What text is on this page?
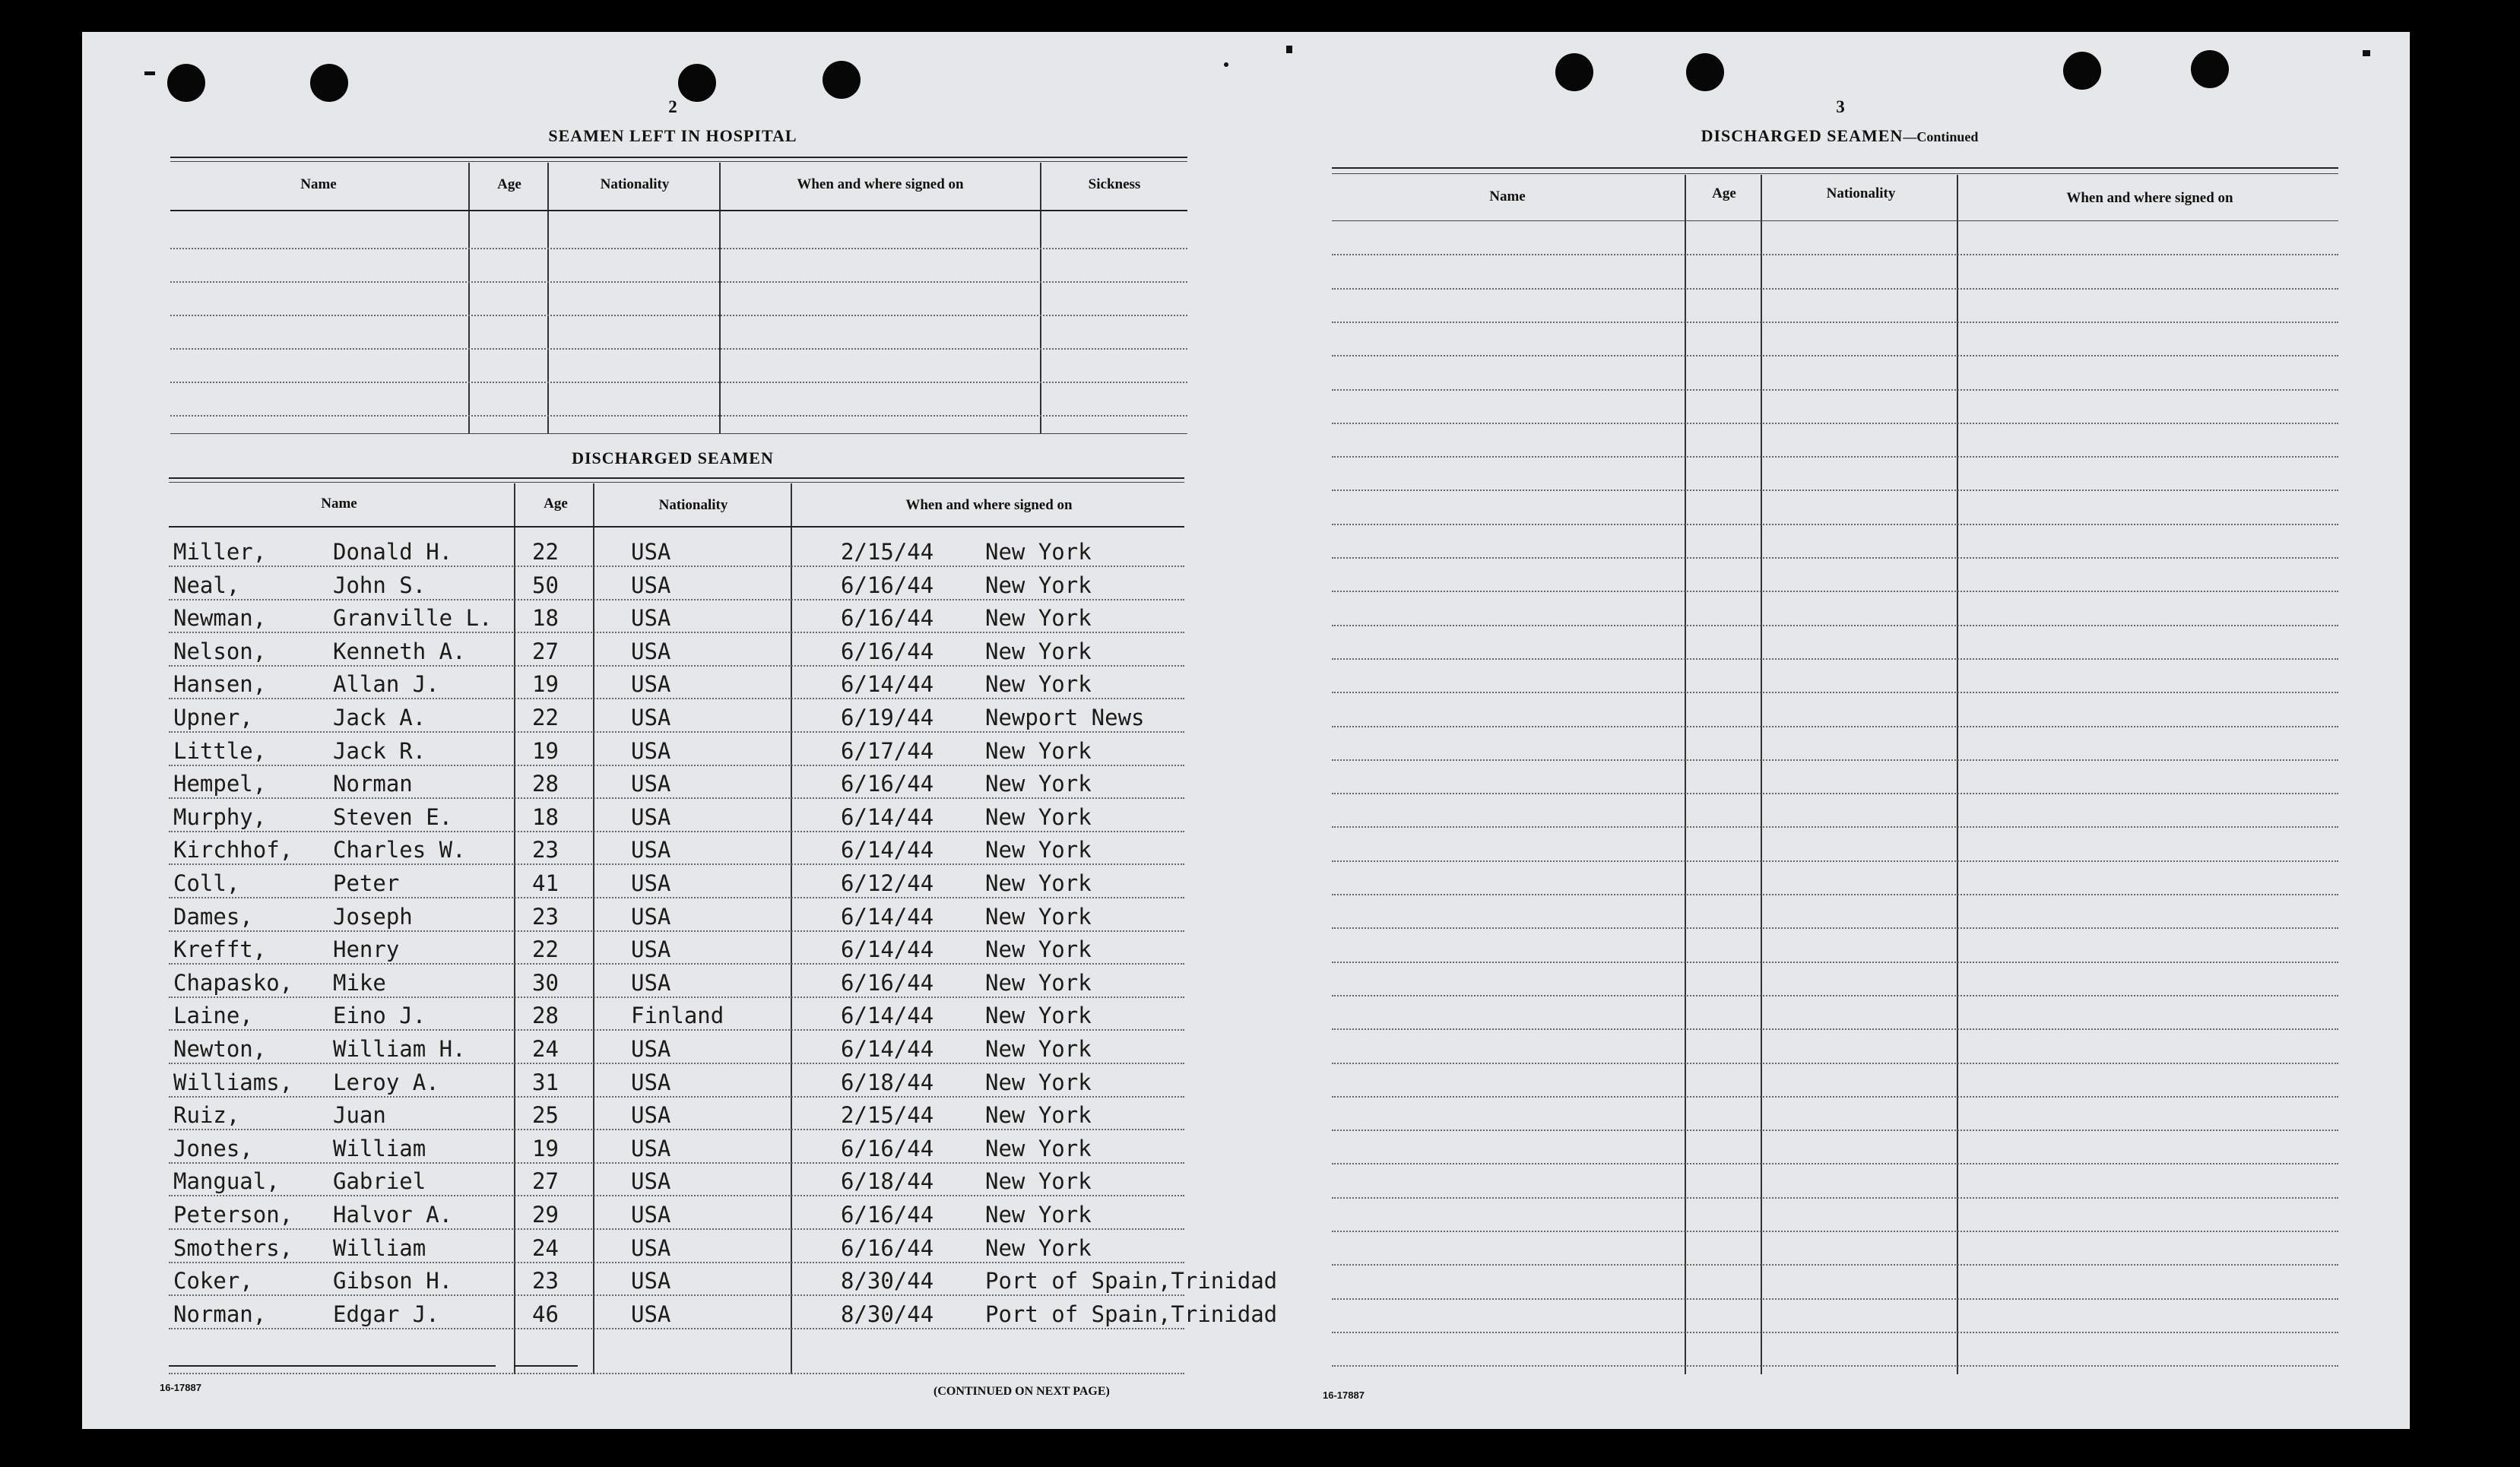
2
SEAMEN LEFT IN HOSPITAL
Name	Age	Nationality	When and where signed on	Sickness
DISCHARGED SEAMEN
Name	Age	Nationality	When and where signed on
Miller,	Donald H.	22	USA	2/15/44 New York
Neal,	John S.	50	USA	6/16/44 New York
Newman,	Granville L. 18	USA	6/16/44 New York
Nelson,	Kenneth A.	27	USA	6/16/44 New York
Hansen,	Allan J.	19	USA	6/14/44 New York
Upner,	Jack A.	22	USA	6/19/44 Newport News
Little,	Jack R.	19	USA	6/17/44 New York
Hempel,	Norman	28	USA	6/16/44 New York
Murphy,	Steven E.	18	USA	6/14/44 New York
Kirchhof, Charles W.	23	USA	6/14/44 New York
Coll,	Peter	41	USA	6/12/44 New York
Dames,	Joseph	23	USA	6/14/44 New York
Krefft,	Henry	22	USA	6/14/44 New York
Chapasko, Mike	30	USA	6/16/44 New York
Laine,	Eino J.	28	Finland	6/14/44 New York
Newton,	William H.	24	USA	6/14/44 New York
Williams, Leroy A.	31	USA	6/18/44 New York
Ruiz,	Juan	25	USA	2/15/44 New York
Jones,	William	19	USA	6/16/44 New York
Mangual, Gabriel	27	USA	6/18/44 New York
Peterson, Halvor A.	29	USA	6/16/44 New York
Smothers, William	24	USA	6/16/44 New York
Coker,	Gibson H.	23	USA	8/30/44 Port of Spain,Trinidad
Norman,	Edgar J.	46	USA	8/30/44 Port of Spain,Trinidad
16-17887	(CONTINUED ON NEXT PAGE)
3
DISCHARGED SEAMEN—Continued
Name	Age	Nationality	When and where signed on
16-17887
